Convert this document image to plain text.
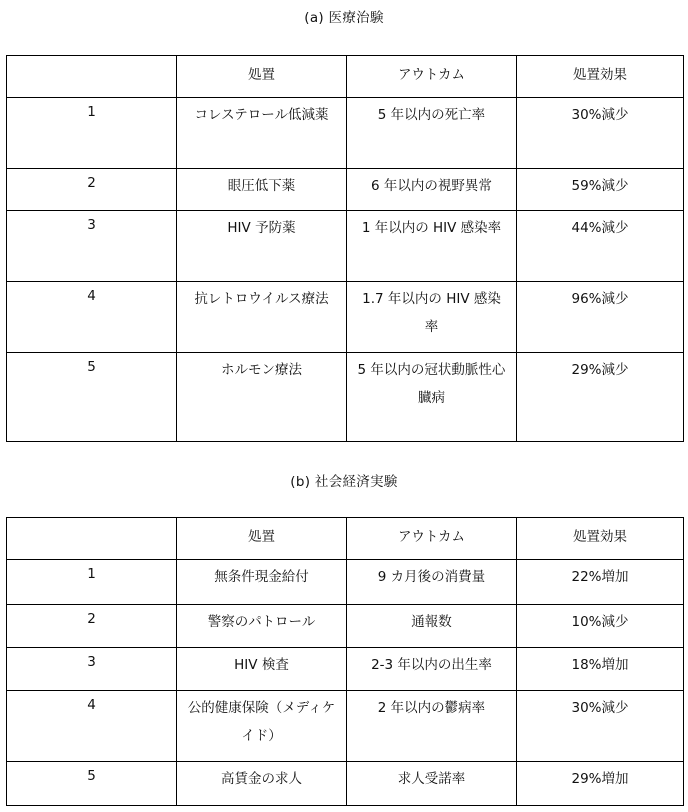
(a) 医療治験
	処置	アウトカム	処置効果
1	コレステロール低減薬	5 年以内の死亡率	30%減少
2	眼圧低下薬	6 年以内の視野異常	59%減少
3	HIV 予防薬	1 年以内の HIV 感染率	44%減少
4	抗レトロウイルス療法	1.7 年以内の HIV 感染率	96%減少
5	ホルモン療法	5 年以内の冠状動脈性心臓病	29%減少
(b) 社会経済実験
	処置	アウトカム	処置効果
1	無条件現金給付	9 カ月後の消費量	22%増加
2	警察のパトロール	通報数	10%減少
3	HIV 検査	2-3 年以内の出生率	18%増加
4	公的健康保険（メディケイド）	2 年以内の鬱病率	30%減少
5	高賃金の求人	求人受諾率	29%増加
